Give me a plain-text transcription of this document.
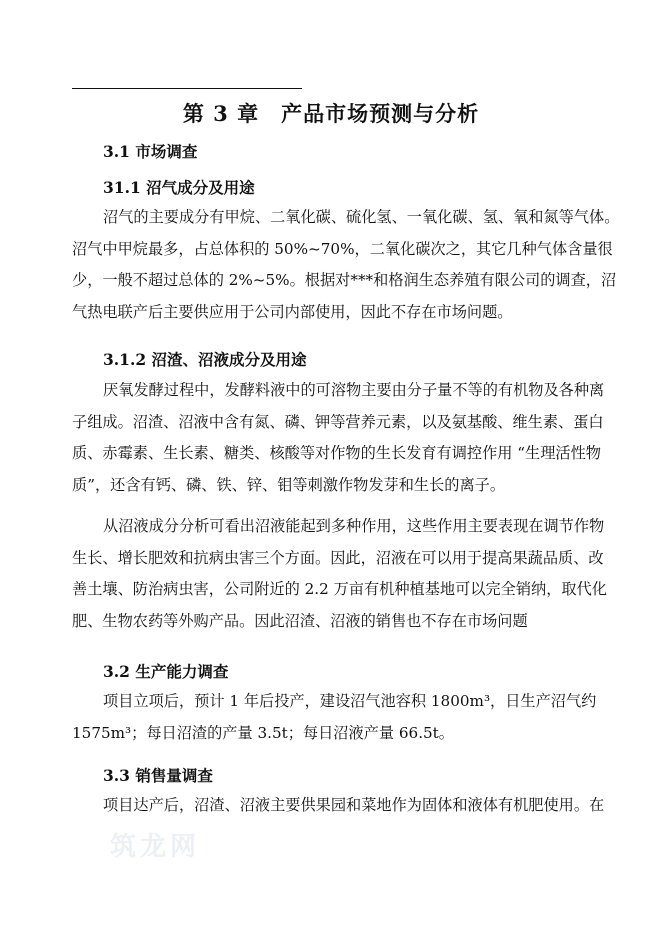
第 3 章 产品市场预测与分析
3.1 市场调查
31.1 沼气成分及用途
沼气的主要成分有甲烷、二氧化碳、硫化氢、一氧化碳、氢、氧和氮等气体。
沼气中甲烷最多，占总体积的 50%~70%，二氧化碳次之，其它几种气体含量很
少，一般不超过总体的 2%~5%。根据对***和格润生态养殖有限公司的调查，沼
气热电联产后主要供应用于公司内部使用，因此不存在市场问题。
3.1.2 沼渣、沼液成分及用途
厌氧发酵过程中，发酵料液中的可溶物主要由分子量不等的有机物及各种离
子组成。沼渣、沼液中含有氮、磷、钾等营养元素，以及氨基酸、维生素、蛋白
质、赤霉素、生长素、糖类、核酸等对作物的生长发育有调控作用 “生理活性物
质”，还含有钙、磷、铁、锌、钼等刺激作物发芽和生长的离子。
从沼液成分分析可看出沼液能起到多种作用，这些作用主要表现在调节作物
生长、增长肥效和抗病虫害三个方面。因此，沼液在可以用于提高果蔬品质、改
善土壤、防治病虫害，公司附近的 2.2 万亩有机种植基地可以完全销纳，取代化
肥、生物农药等外购产品。因此沼渣、沼液的销售也不存在市场问题
3.2 生产能力调查
项目立项后，预计 1 年后投产，建设沼气池容积 1800m³，日生产沼气约
1575m³；每日沼渣的产量 3.5t；每日沼液产量 66.5t。
3.3 销售量调查
项目达产后，沼渣、沼液主要供果园和菜地作为固体和液体有机肥使用。在
筑龙网
